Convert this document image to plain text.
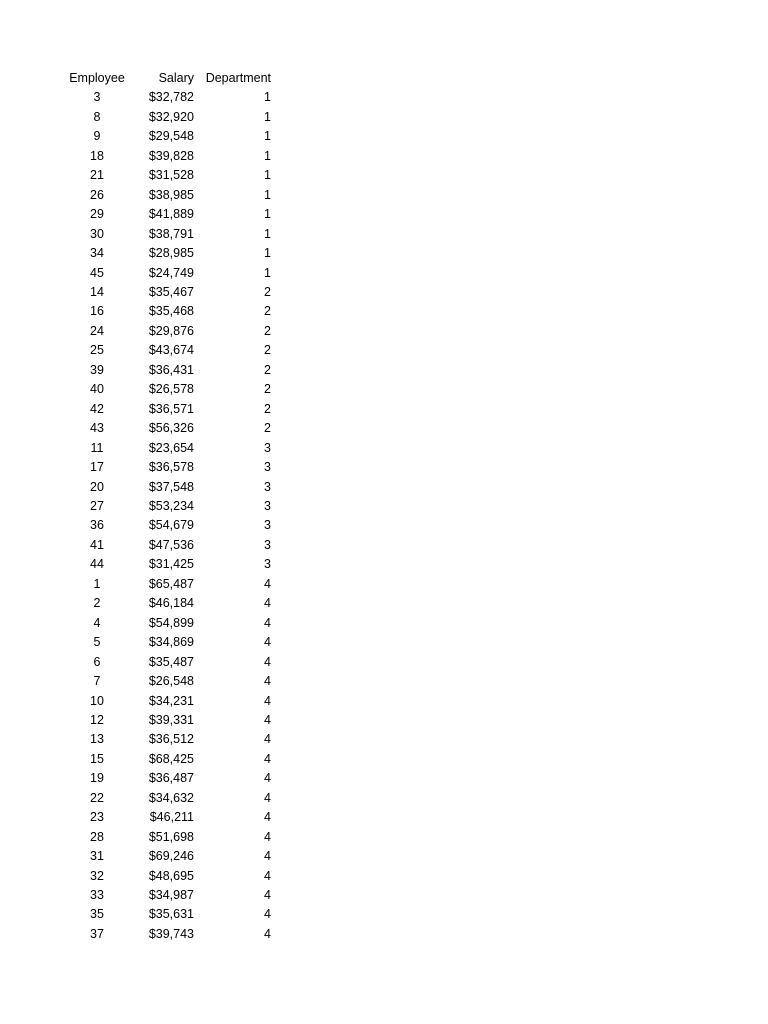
Employee	Salary	Department
3	$32,782	1
8	$32,920	1
9	$29,548	1
18	$39,828	1
21	$31,528	1
26	$38,985	1
29	$41,889	1
30	$38,791	1
34	$28,985	1
45	$24,749	1
14	$35,467	2
16	$35,468	2
24	$29,876	2
25	$43,674	2
39	$36,431	2
40	$26,578	2
42	$36,571	2
43	$56,326	2
11	$23,654	3
17	$36,578	3
20	$37,548	3
27	$53,234	3
36	$54,679	3
41	$47,536	3
44	$31,425	3
1	$65,487	4
2	$46,184	4
4	$54,899	4
5	$34,869	4
6	$35,487	4
7	$26,548	4
10	$34,231	4
12	$39,331	4
13	$36,512	4
15	$68,425	4
19	$36,487	4
22	$34,632	4
23	$46,211	4
28	$51,698	4
31	$69,246	4
32	$48,695	4
33	$34,987	4
35	$35,631	4
37	$39,743	4
